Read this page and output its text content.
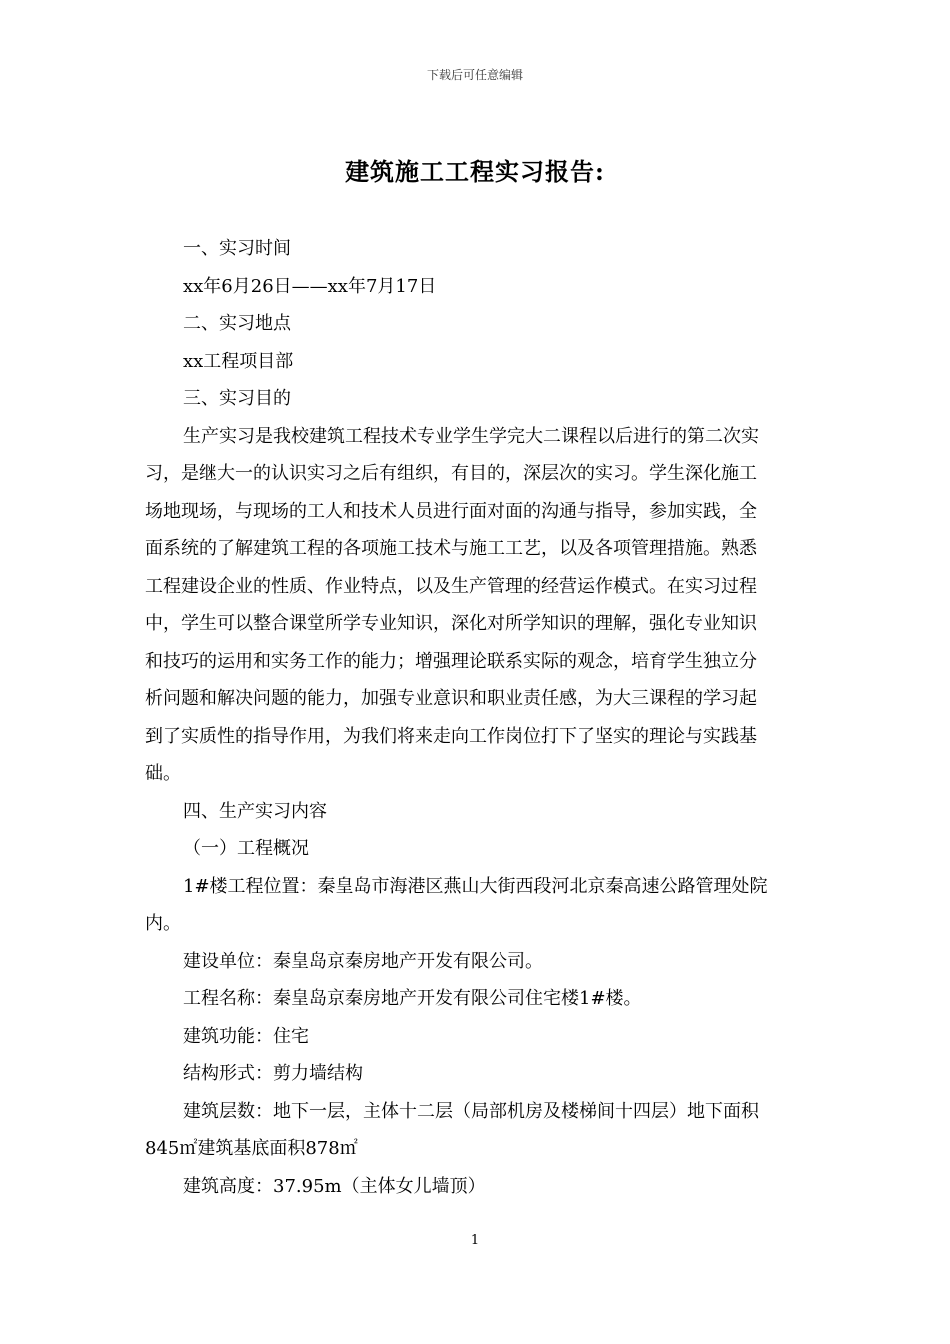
下载后可任意编辑
建筑施工工程实习报告:

一、实习时间

xx年6月26日——xx年7月17日

二、实习地点

xx工程项目部

三、实习目的

生产实习是我校建筑工程技术专业学生学完大二课程以后进行的第二次实

习，是继大一的认识实习之后有组织，有目的，深层次的实习。学生深化施工

场地现场，与现场的工人和技术人员进行面对面的沟通与指导，参加实践，全

面系统的了解建筑工程的各项施工技术与施工工艺，以及各项管理措施。熟悉

工程建设企业的性质、作业特点，以及生产管理的经营运作模式。在实习过程

中，学生可以整合课堂所学专业知识，深化对所学知识的理解，强化专业知识

和技巧的运用和实务工作的能力；增强理论联系实际的观念，培育学生独立分

析问题和解决问题的能力，加强专业意识和职业责任感，为大三课程的学习起

到了实质性的指导作用，为我们将来走向工作岗位打下了坚实的理论与实践基

础。

四、生产实习内容

（一）工程概况

1#楼工程位置：秦皇岛市海港区燕山大街西段河北京秦高速公路管理处院

内。

建设单位：秦皇岛京秦房地产开发有限公司。

工程名称：秦皇岛京秦房地产开发有限公司住宅楼1#楼。

建筑功能：住宅

结构形式：剪力墙结构

建筑层数：地下一层，主体十二层（局部机房及楼梯间十四层）地下面积

845㎡建筑基底面积878㎡

建筑高度：37.95m（主体女儿墙顶）

1
